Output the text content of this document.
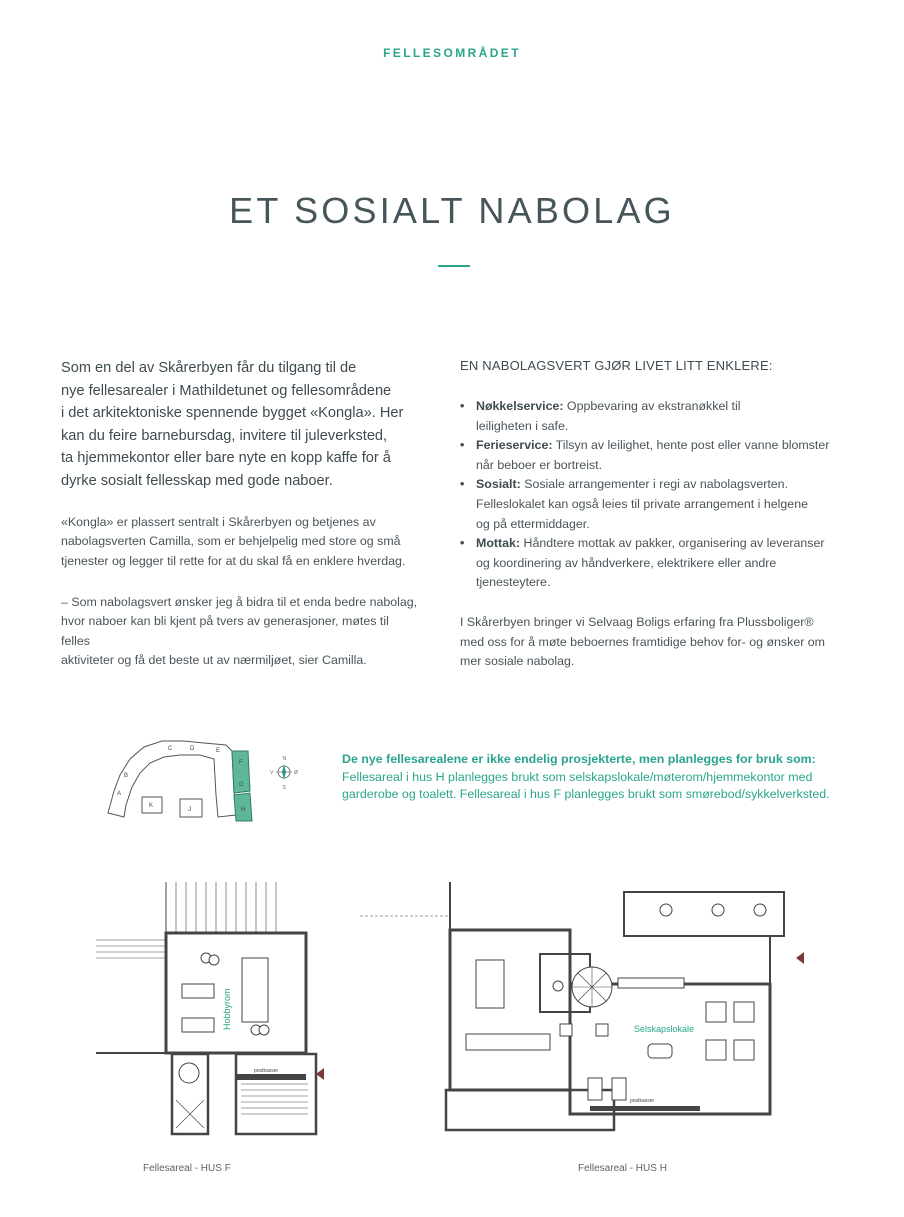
FELLESOMRÅDET
ET SOSIALT NABOLAG
Som en del av Skårerbyen får du tilgang til de
nye fellesarealer i Mathildetunet og fellesområdene
i det arkitektoniske spennende bygget «Kongla». Her
kan du feire barnebursdag, invitere til juleverksted,
ta hjemmekontor eller bare nyte en kopp kaffe for å
dyrke sosialt fellesskap med gode naboer.
«Kongla» er plassert sentralt i Skårerbyen og betjenes av
nabolagsverten Camilla, som er behjelpelig med store og små
tjenester og legger til rette for at du skal få en enklere hverdag.
– Som nabolagsvert ønsker jeg å bidra til et enda bedre nabolag,
hvor naboer kan bli kjent på tvers av generasjoner, møtes til felles
aktiviteter og få det beste ut av nærmiljøet, sier Camilla.
EN NABOLAGSVERT GJØR LIVET LITT ENKLERE:
• Nøkkelservice: Oppbevaring av ekstranøkkel til
leiligheten i safe.
• Ferieservice: Tilsyn av leilighet, hente post eller vanne blomster
når beboer er bortreist.
• Sosialt: Sosiale arrangementer i regi av nabolagsverten.
Felleslokalet kan også leies til private arrangement i helgene
og på ettermiddager.
• Mottak: Håndtere mottak av pakker, organisering av leveranser
og koordinering av håndverkere, elektrikere eller andre
tjenesteytere.
I Skårerbyen bringer vi Selvaag Boligs erfaring fra Plussboliger®
med oss for å møte beboernes framtidige behov for- og ønsker om
mer sosiale nabolag.
A
B
C	D	E
F
G
H
J
K
N
S
V	Ø
De nye fellesarealene er ikke endelig prosjekterte, men planlegges for bruk som:
Fellesareal i hus H planlegges brukt som selskapslokale/møterom/hjemmekontor med garderobe og toalett. Fellesareal i hus F planlegges brukt som smørebod/sykkelverksted.
postkasser
Hobbyrom
Fellesareal - HUS F
postkasser
Selskapslokale
Fellesareal - HUS H
